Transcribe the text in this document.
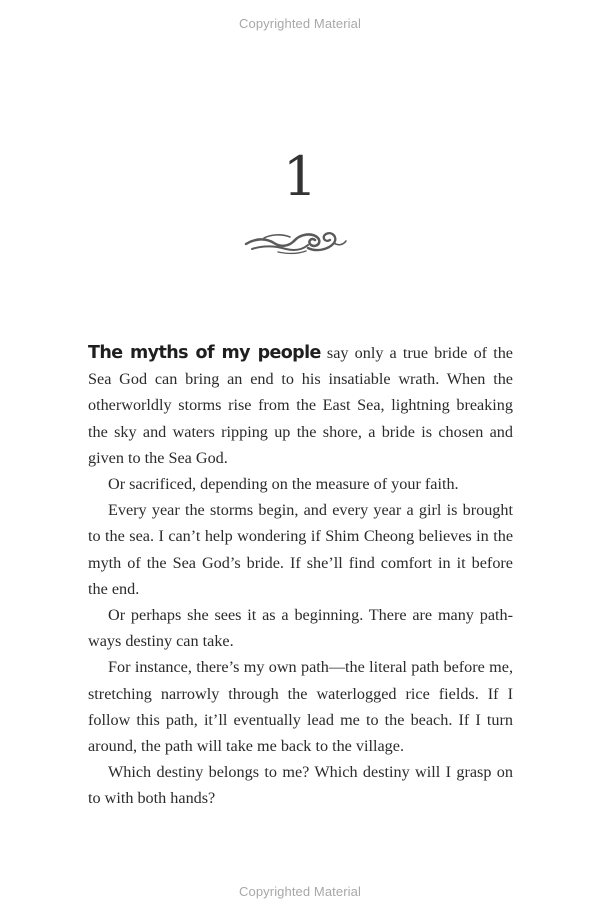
Copyrighted Material
1

The myths of my people say only a true bride of the Sea God can bring an end to his insatiable wrath. When the otherworldly storms rise from the East Sea, lightning breaking the sky and waters ripping up the shore, a bride is chosen and given to the Sea God.

Or sacrificed, depending on the measure of your faith.

Every year the storms begin, and every year a girl is brought to the sea. I can’t help wondering if Shim Cheong believes in the myth of the Sea God’s bride. If she’ll find comfort in it before the end.

Or perhaps she sees it as a beginning. There are many pathways destiny can take.

For instance, there’s my own path—the literal path before me, stretching narrowly through the waterlogged rice fields. If I follow this path, it’ll eventually lead me to the beach. If I turn around, the path will take me back to the village.

Which destiny belongs to me? Which destiny will I grasp on to with both hands?

Copyrighted Material
